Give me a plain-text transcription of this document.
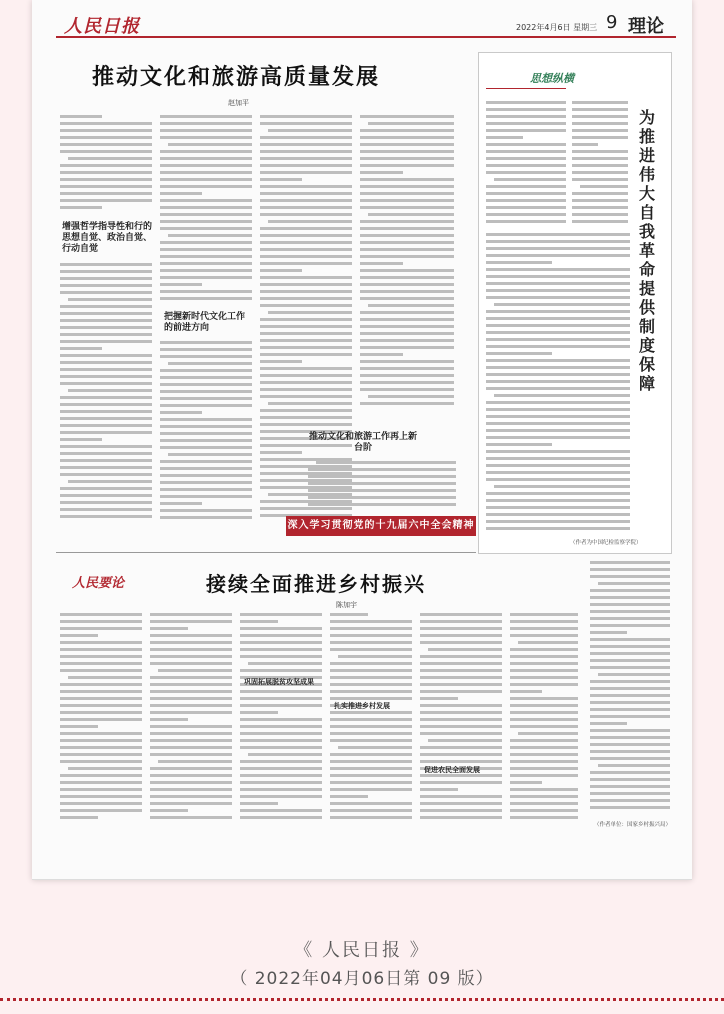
人民日报	2022年4月6日 星期三 9 理论
推动文化和旅游高质量发展
赵加平
增强哲学指导性和行的思想自觉、政治自觉、行动自觉
把握新时代文化工作的前进方向
推动文化和旅游工作再上新台阶
深入学习贯彻党的十九届六中全会精神
思想纵横
为
推
进
伟
大
自
我
革
命
提
供
制
度
保
障
（作者为中国纪检监察学院）
人民要论	接续全面推进乡村振兴
陈加宇
巩固拓展脱贫攻坚成果
扎实推进乡村发展
促进农民全面发展
（作者单位：国家乡村振兴局）
《 人民日报 》
（ 2022年04月06日第 09 版）
